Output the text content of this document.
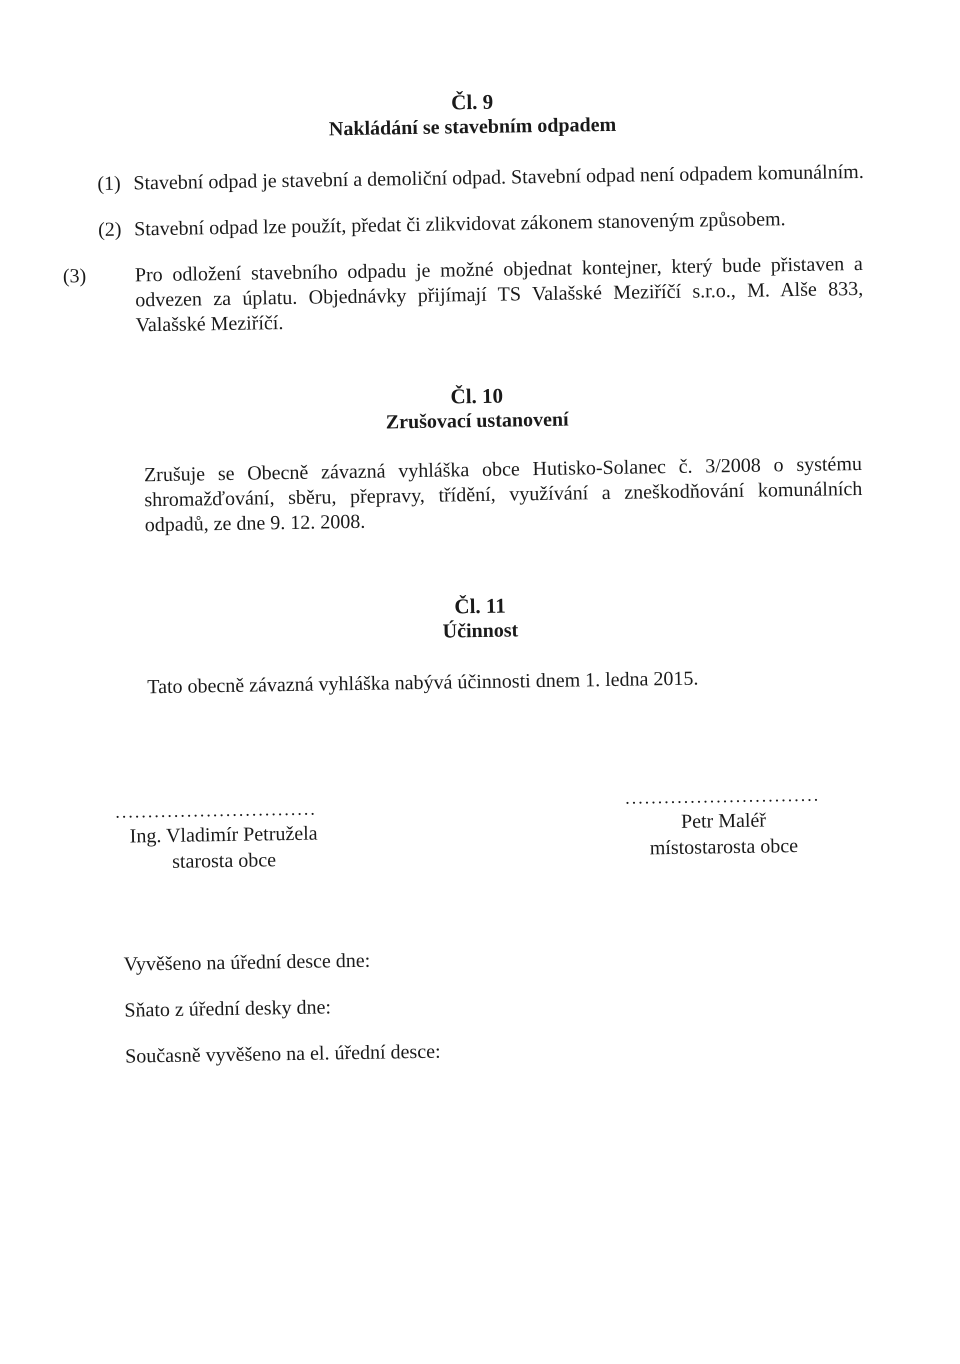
Čl. 9
Nakládání se stavebním odpadem
(1) Stavební odpad je stavební a demoliční odpad. Stavební odpad není odpadem komunálním.
(2) Stavební odpad lze použít, předat či zlikvidovat zákonem stanoveným způsobem.
(3) Pro odložení stavebního odpadu je možné objednat kontejner, který bude přistaven a odvezen za úplatu. Objednávky přijímají TS Valašské Meziříčí s.r.o., M. Alše 833, Valašské Meziříčí.
Čl. 10
Zrušovací ustanovení
Zrušuje se Obecně závazná vyhláška obce Hutisko-Solanec č. 3/2008 o systému shromažďování, sběru, přepravy, třídění, využívání a zneškodňování komunálních odpadů, ze dne 9. 12. 2008.
Čl. 11
Účinnost
Tato obecně závazná vyhláška nabývá účinnosti dnem 1. ledna 2015.
...............................
Ing. Vladimír Petružela
starosta obce
..............................
Petr Maléř
místostarosta obce
Vyvěšeno na úřední desce dne:
Sňato z úřední desky dne:
Současně vyvěšeno na el. úřední desce:
